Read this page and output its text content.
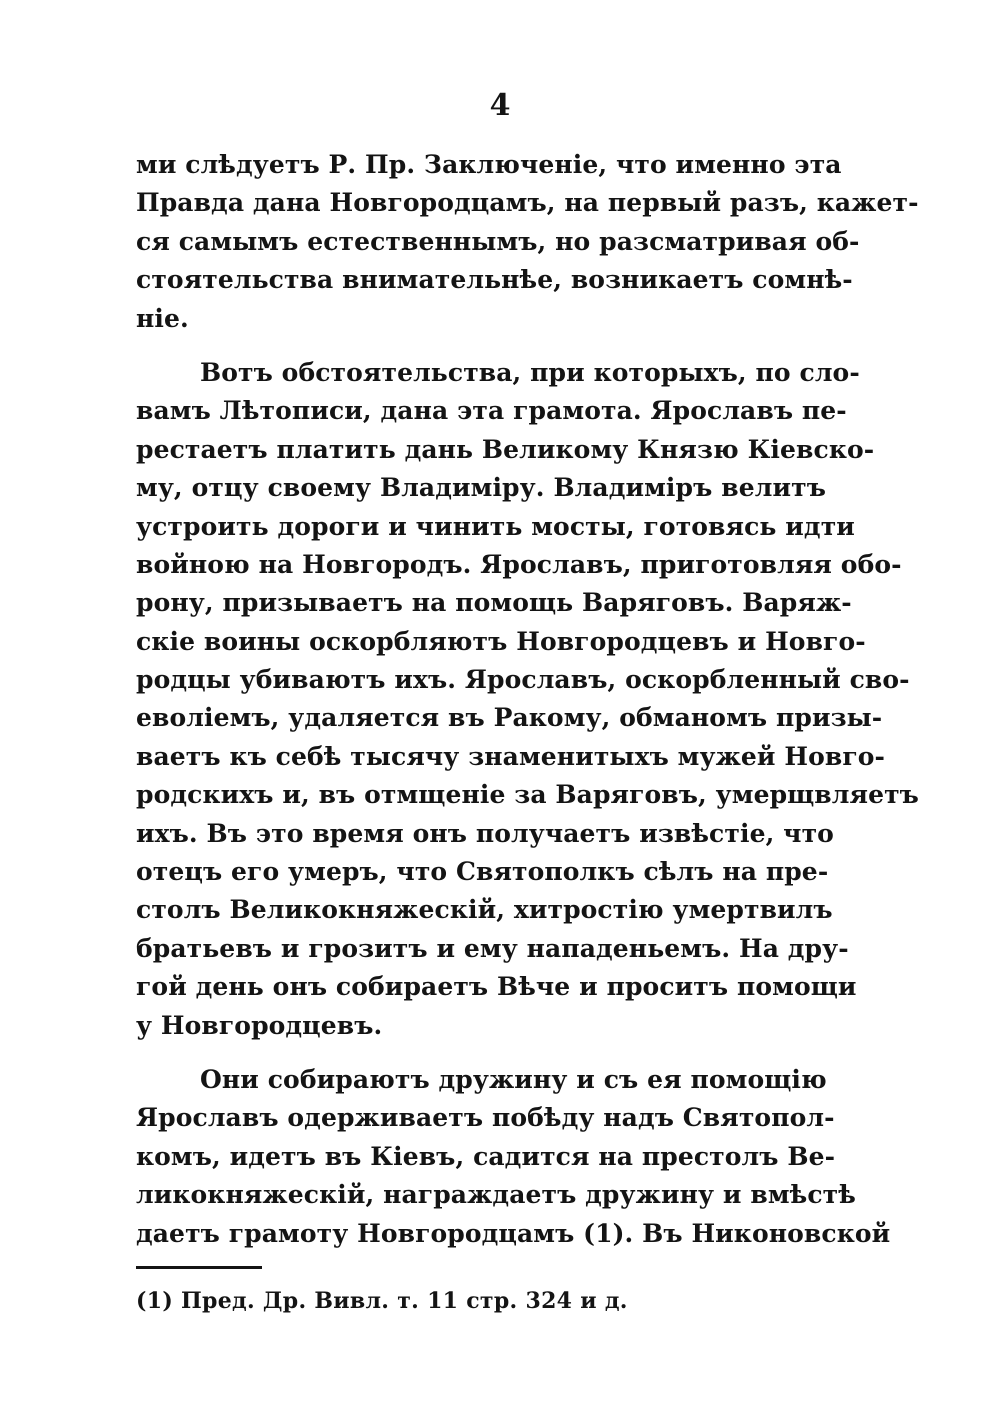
4
ми слѣдуетъ Р. Пр. Заключеніе, что именно эта
Правда дана Новгородцамъ, на первый разъ, кажет-
ся самымъ естественнымъ, но разсматривая об-
стоятельства внимательнѣе, возникаетъ сомнѣ-
ніе.
Вотъ обстоятельства, при которыхъ, по сло-
вамъ Лѣтописи, дана эта грамота. Ярославъ пе-
рестаетъ платить дань Великому Князю Кіевско-
му, отцу своему Владиміру. Владиміръ велитъ
устроить дороги и чинить мосты, готовясь идти
войною на Новгородъ. Ярославъ, приготовляя обо-
рону, призываетъ на помощь Варяговъ. Варяж-
скіе воины оскорбляютъ Новгородцевъ и Новго-
родцы убиваютъ ихъ. Ярославъ, оскорбленный сво-
еволіемъ, удаляется въ Ракому, обманомъ призы-
ваетъ къ себѣ тысячу знаменитыхъ мужей Новго-
родскихъ и, въ отмщеніе за Варяговъ, умерщвляетъ
ихъ. Въ это время онъ получаетъ извѣстіе, что
отецъ его умеръ, что Святополкъ сѣлъ на пре-
столъ Великокняжескій, хитростію умертвилъ
братьевъ и грозитъ и ему нападеньемъ. На дру-
гой день онъ собираетъ Вѣче и проситъ помощи
у Новгородцевъ.
Они собираютъ дружину и съ ея помощію
Ярославъ одерживаетъ побѣду надъ Святопол-
комъ, идетъ въ Кіевъ, садится на престолъ Ве-
ликокняжескій, награждаетъ дружину и вмѣстѣ
даетъ грамоту Новгородцамъ (1). Въ Никоновской
(1) Пред. Др. Вивл. т. 11 стр. 324 и д.
